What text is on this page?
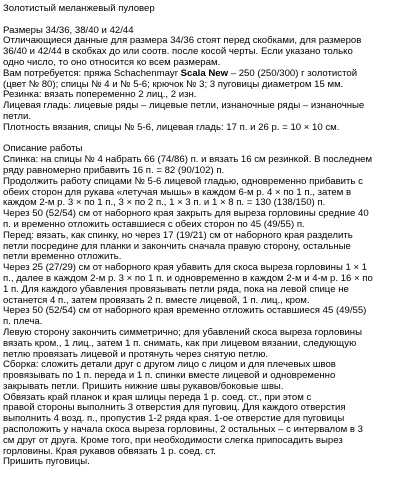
Золотистый меланжевый пуловер
Размеры 34/36, 38/40 и 42/44
Отличающиеся данные для размера 34/36 стоят перед скобками, для размеров
36/40 и 42/44 в скобках до или соотв. после косой черты. Если указано только
одно число, то оно относится ко всем размерам.
Вам потребуется: пряжа Schachenmayr Scala New – 250 (250/300) г золотистой
(цвет № 80); спицы № 4 и № 5-6; крючок № 3; 3 пуговицы диаметром 15 мм.
Резинка: вязать попеременно 2 лиц., 2 изн.
Лицевая гладь: лицевые ряды – лицевые петли, изнаночные ряды – изнаночные
петли.
Плотность вязания, спицы № 5-6, лицевая гладь: 17 п. и 26 р. = 10 × 10 см.
Описание работы
Спинка: на спицы № 4 набрать 66 (74/86) п. и вязать 16 см резинкой. В последнем
ряду равномерно прибавить 16 п. = 82 (90/102) п.
Продолжить работу спицами № 5-6 лицевой гладью, одновременно прибавить с
обеих сторон для рукава «летучая мышь» в каждом 6-м р. 4 × по 1 п., затем в
каждом 2-м р. 3 × по 1 п., 3 × по 2 п., 1 × 3 п. и 1 × 8 п. = 130 (138/150) п.
Через 50 (52/54) см от наборного края закрыть для выреза горловины средние 40
п. и временно отложить оставшиеся с обеих сторон по 45 (49/55) п.
Перед: вязать, как спинку, но через 17 (19/21) см от наборного края разделить
петли посредине для планки и закончить сначала правую сторону, остальные
петли временно отложить.
Через 25 (27/29) см от наборного края убавить для скоса выреза горловины 1 × 1
п., далее в каждом 2-м р. 3 × по 1 п. и одновременно в каждом 2-м и 4-м р. 16 × по
1 п. Для каждого убавления провязывать петли ряда, пока на левой спице не
останется 4 п., затем провязать 2 п. вместе лицевой, 1 п. лиц., кром.
Через 50 (52/54) см от наборного края временно отложить оставшиеся 45 (49/55)
п. плеча.
Левую сторону закончить симметрично; для убавлений скоса выреза горловины
вязать кром., 1 лиц., затем 1 п. снимать, как при лицевом вязании, следующую
петлю провязать лицевой и протянуть через снятую петлю.
Сборка: сложить детали друг с другом лицо с лицом и для плечевых швов
провязывать по 1 п. переда и 1 п. спинки вместе лицевой и одновременно
закрывать петли. Пришить нижние швы рукавов/боковые швы.
Обвязать край планок и края шлицы переда 1 р. соед. ст., при этом с
правой стороны выполнить 3 отверстия для пуговиц. Для каждого отверстия
выполнить 4 возд. п., пропустив 1-2 ряда края. 1-ое отверстие для пуговицы
расположить у начала скоса выреза горловины, 2 остальных – с интервалом в 3
см друг от друга. Кроме того, при необходимости слегка припосадить вырез
горловины. Края рукавов обвязать 1 р. соед. ст.
Пришить пуговицы.
